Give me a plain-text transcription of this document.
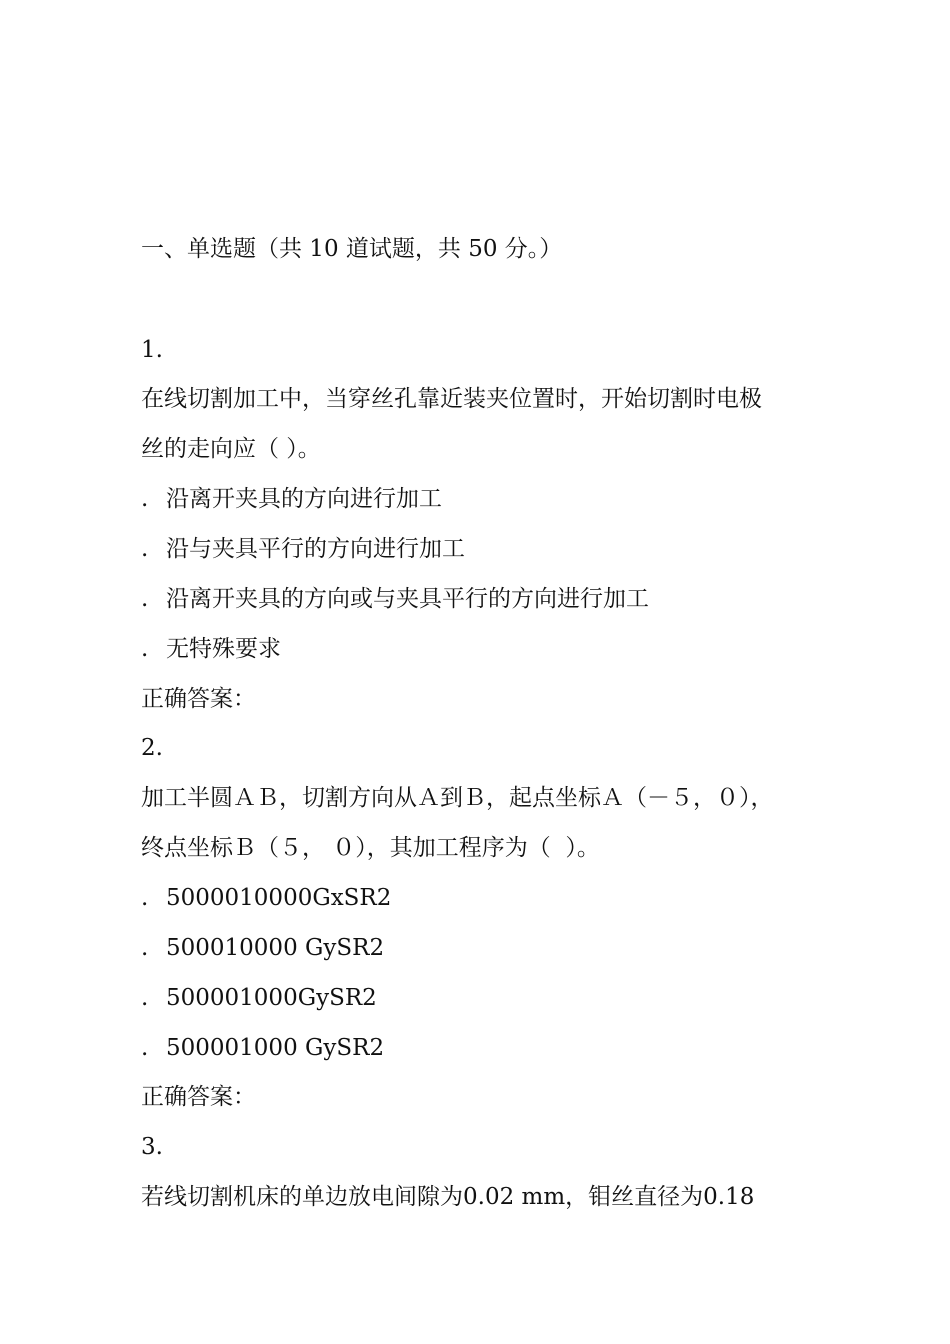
一、单选题（共 10 道试题，共 50 分。）
1.
在线切割加工中，当穿丝孔靠近装夹位置时，开始切割时电极
丝的走向应（ ）。
. 沿离开夹具的方向进行加工
. 沿与夹具平行的方向进行加工
. 沿离开夹具的方向或与夹具平行的方向进行加工
. 无特殊要求
正确答案：
2.
加工半圆ＡＢ，切割方向从Ａ到Ｂ，起点坐标Ａ（－５，０），
终点坐标Ｂ（５， ０），其加工程序为（  ）。
. 5000010000GxSR2
. 500010000 GySR2
. 500001000GySR2
. 500001000 GySR2
正确答案：
3.
若线切割机床的单边放电间隙为0.02 mm，钼丝直径为0.18
